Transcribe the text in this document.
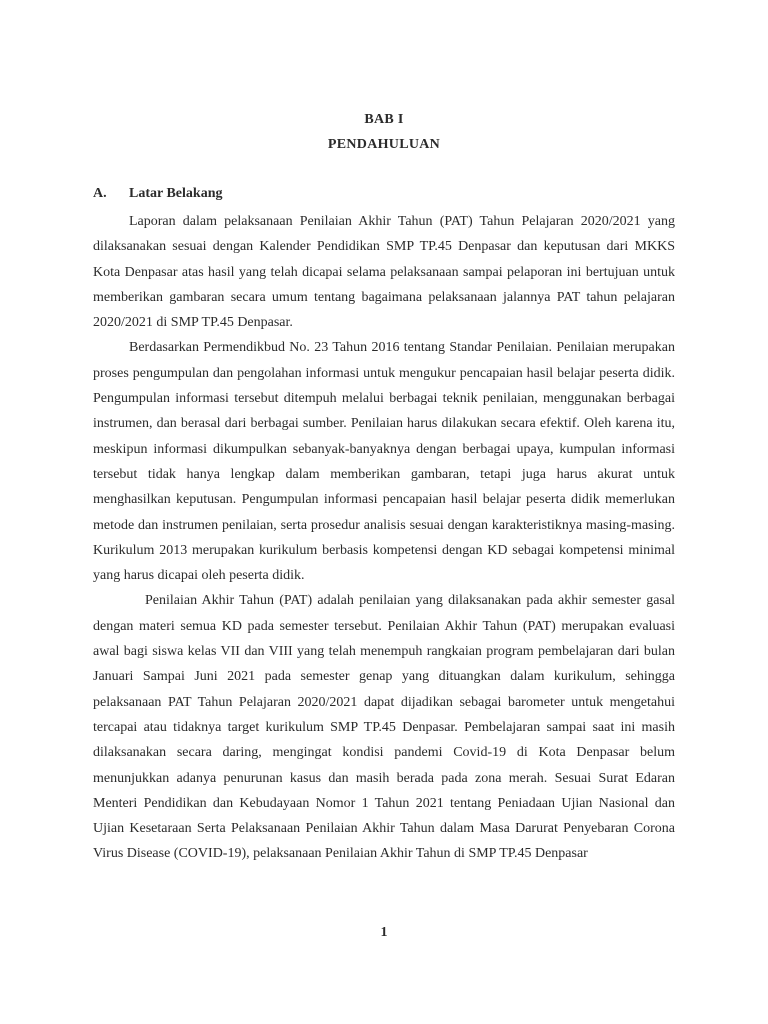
BAB I
PENDAHULUAN
A. Latar Belakang

Laporan dalam pelaksanaan Penilaian Akhir Tahun (PAT) Tahun Pelajaran 2020/2021 yang dilaksanakan sesuai dengan Kalender Pendidikan SMP TP.45 Denpasar dan keputusan dari MKKS Kota Denpasar atas hasil yang telah dicapai selama pelaksanaan sampai pelaporan ini bertujuan untuk memberikan gambaran secara umum tentang bagaimana pelaksanaan jalannya PAT tahun pelajaran 2020/2021 di SMP TP.45 Denpasar.

Berdasarkan Permendikbud No. 23 Tahun 2016 tentang Standar Penilaian. Penilaian merupakan proses pengumpulan dan pengolahan informasi untuk mengukur pencapaian hasil belajar peserta didik. Pengumpulan informasi tersebut ditempuh melalui berbagai teknik penilaian, menggunakan berbagai instrumen, dan berasal dari berbagai sumber. Penilaian harus dilakukan secara efektif. Oleh karena itu, meskipun informasi dikumpulkan sebanyak-banyaknya dengan berbagai upaya, kumpulan informasi tersebut tidak hanya lengkap dalam memberikan gambaran, tetapi juga harus akurat untuk menghasilkan keputusan. Pengumpulan informasi pencapaian hasil belajar peserta didik memerlukan metode dan instrumen penilaian, serta prosedur analisis sesuai dengan karakteristiknya masing-masing. Kurikulum 2013 merupakan kurikulum berbasis kompetensi dengan KD sebagai kompetensi minimal yang harus dicapai oleh peserta didik.

Penilaian Akhir Tahun (PAT) adalah penilaian yang dilaksanakan pada akhir semester gasal dengan materi semua KD pada semester tersebut. Penilaian Akhir Tahun (PAT) merupakan evaluasi awal bagi siswa kelas VII dan VIII yang telah menempuh rangkaian program pembelajaran dari bulan Januari Sampai Juni 2021 pada semester genap yang dituangkan dalam kurikulum, sehingga pelaksanaan PAT Tahun Pelajaran 2020/2021 dapat dijadikan sebagai barometer untuk mengetahui tercapai atau tidaknya target kurikulum SMP TP.45 Denpasar. Pembelajaran sampai saat ini masih dilaksanakan secara daring, mengingat kondisi pandemi Covid-19 di Kota Denpasar belum menunjukkan adanya penurunan kasus dan masih berada pada zona merah. Sesuai Surat Edaran Menteri Pendidikan dan Kebudayaan Nomor 1 Tahun 2021 tentang Peniadaan Ujian Nasional dan Ujian Kesetaraan Serta Pelaksanaan Penilaian Akhir Tahun dalam Masa Darurat Penyebaran Corona Virus Disease (COVID-19), pelaksanaan Penilaian Akhir Tahun di SMP TP.45 Denpasar

1
